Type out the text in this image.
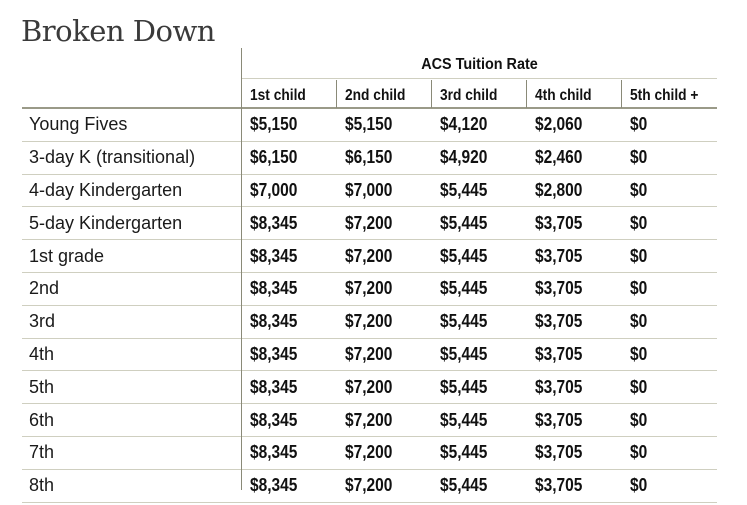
Broken Down
ACS Tuition Rate
	1st child	2nd child	3rd child	4th child	5th child +
Young Fives	$5,150	$5,150	$4,120	$2,060	$0
3-day K (transitional)	$6,150	$6,150	$4,920	$2,460	$0
4-day Kindergarten	$7,000	$7,000	$5,445	$2,800	$0
5-day Kindergarten	$8,345	$7,200	$5,445	$3,705	$0
1st grade	$8,345	$7,200	$5,445	$3,705	$0
2nd	$8,345	$7,200	$5,445	$3,705	$0
3rd	$8,345	$7,200	$5,445	$3,705	$0
4th	$8,345	$7,200	$5,445	$3,705	$0
5th	$8,345	$7,200	$5,445	$3,705	$0
6th	$8,345	$7,200	$5,445	$3,705	$0
7th	$8,345	$7,200	$5,445	$3,705	$0
8th	$8,345	$7,200	$5,445	$3,705	$0
